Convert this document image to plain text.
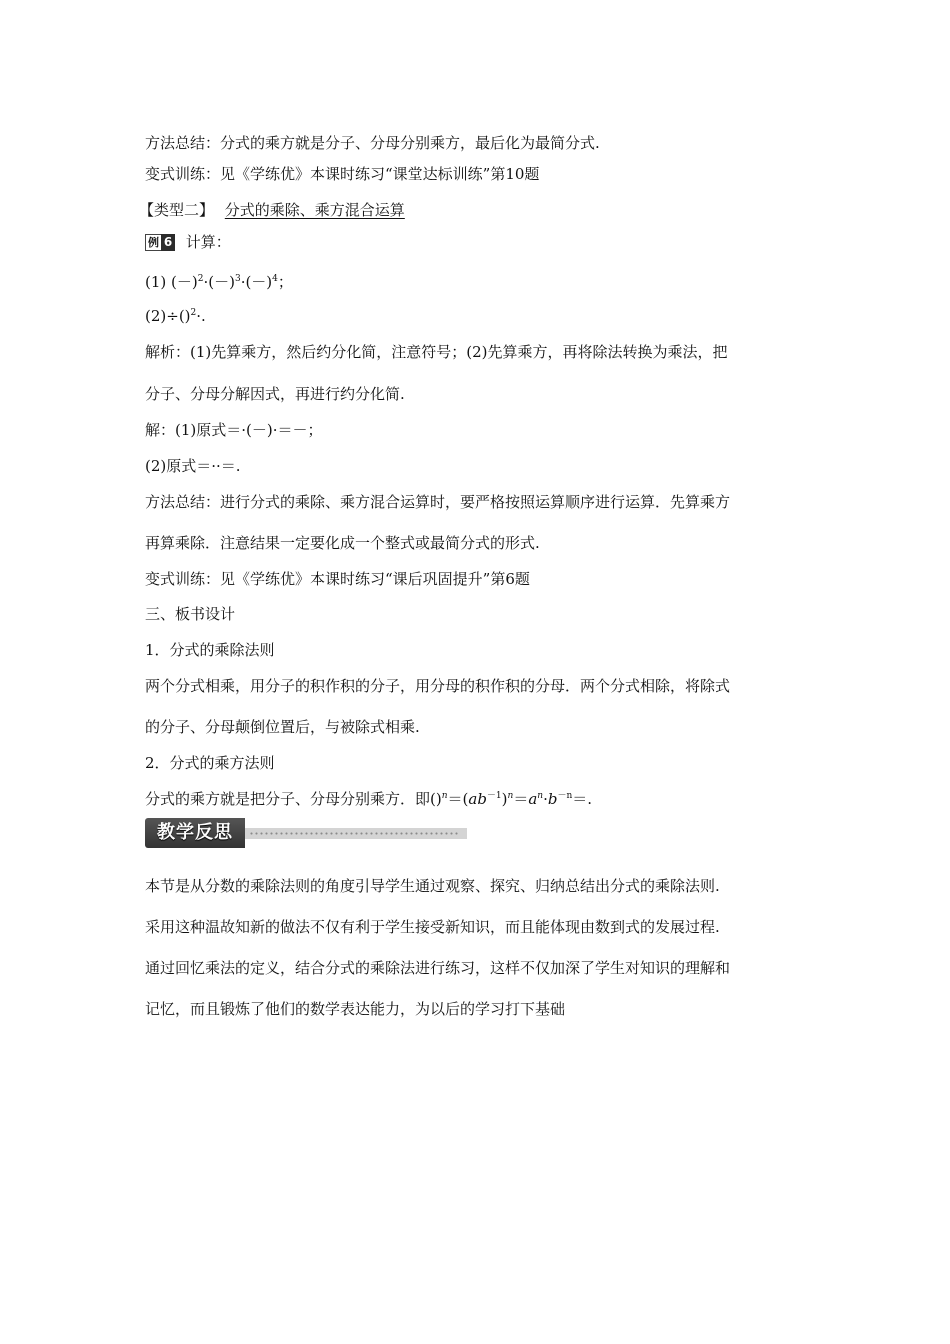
方法总结：分式的乘方就是分子、分母分别乘方，最后化为最简分式.
变式训练：见《学练优》本课时练习“课堂达标训练”第10题
【类型二】 分式的乘除、乘方混合运算
例 6 计算：
(1) $(-)^2\cdot(-)^3\cdot(-)^4$；
(2)÷()$^2$·.
解析：(1)先算乘方，然后约分化简，注意符号；(2)先算乘方，再将除法转换为乘法，把
分子、分母分解因式，再进行约分化简.
解：(1)原式＝·(－)·＝－；
(2)原式＝··＝.
方法总结：进行分式的乘除、乘方混合运算时，要严格按照运算顺序进行运算．先算乘方
再算乘除．注意结果一定要化成一个整式或最简分式的形式.
变式训练：见《学练优》本课时练习“课后巩固提升”第6题
三、板书设计
1．分式的乘除法则
两个分式相乘，用分子的积作积的分子，用分母的积作积的分母．两个分式相除，将除式
的分子、分母颠倒位置后，与被除式相乘.
2．分式的乘方法则
分式的乘方就是把分子、分母分别乘方．即$()^n=(ab^{-1})^n=a^n\cdot b^{-n}=$.
教学反思
本节是从分数的乘除法则的角度引导学生通过观察、探究、归纳总结出分式的乘除法则.
采用这种温故知新的做法不仅有利于学生接受新知识，而且能体现由数到式的发展过程.
通过回忆乘法的定义，结合分式的乘除法进行练习，这样不仅加深了学生对知识的理解和
记忆，而且锻炼了他们的数学表达能力，为以后的学习打下基础
